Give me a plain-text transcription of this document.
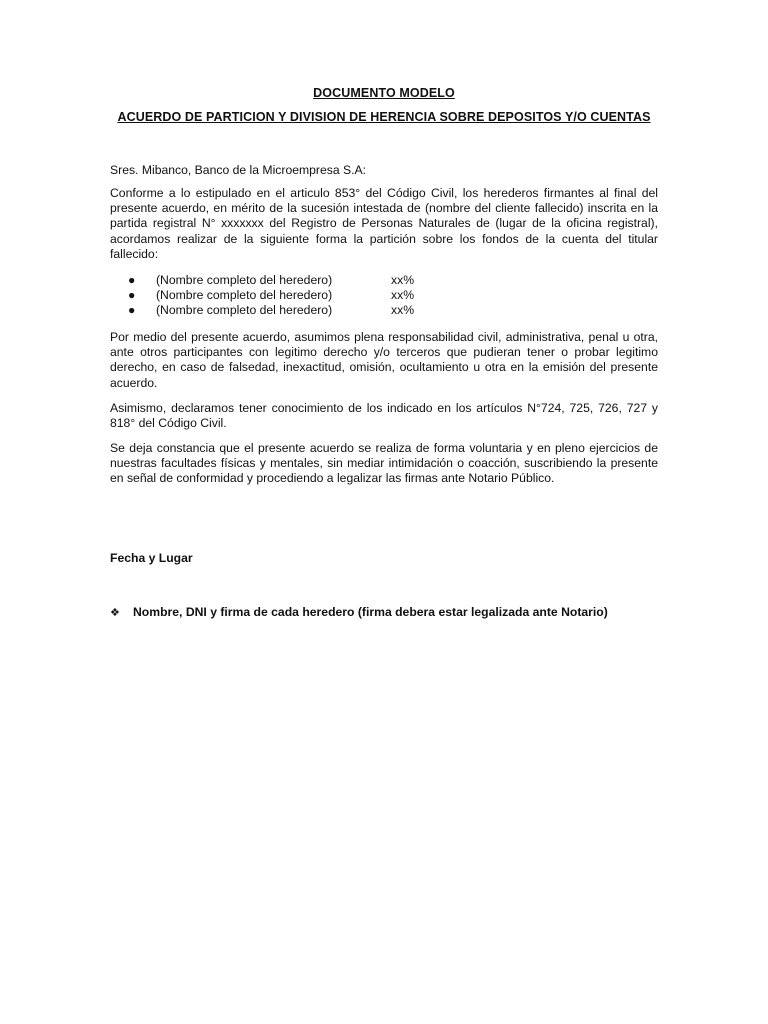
DOCUMENTO MODELO
ACUERDO DE PARTICION Y DIVISION DE HERENCIA SOBRE DEPOSITOS Y/O CUENTAS
Sres. Mibanco, Banco de la Microempresa S.A:
Conforme a lo estipulado en el articulo 853° del Código Civil, los herederos firmantes al final del presente acuerdo, en mérito de la sucesión intestada de (nombre del cliente fallecido) inscrita en la partida registral N° xxxxxxx del Registro de Personas Naturales de (lugar de la oficina registral), acordamos realizar de la siguiente forma la partición sobre los fondos de la cuenta del titular fallecido:
● (Nombre completo del heredero)	xx%
● (Nombre completo del heredero)	xx%
● (Nombre completo del heredero)	xx%
Por medio del presente acuerdo, asumimos plena responsabilidad civil, administrativa, penal u otra, ante otros participantes con legitimo derecho y/o terceros que pudieran tener o probar legitimo derecho, en caso de falsedad, inexactitud, omisión, ocultamiento u otra en la emisión del presente acuerdo.
Asimismo, declaramos tener conocimiento de los indicado en los artículos N°724, 725, 726, 727 y 818° del Código Civil.
Se deja constancia que el presente acuerdo se realiza de forma voluntaria y en pleno ejercicios de nuestras facultades físicas y mentales, sin mediar intimidación o coacción, suscribiendo la presente en señal de conformidad y procediendo a legalizar las firmas ante Notario Público.
Fecha y Lugar
❖ Nombre, DNI y firma de cada heredero (firma debera estar legalizada ante Notario)
